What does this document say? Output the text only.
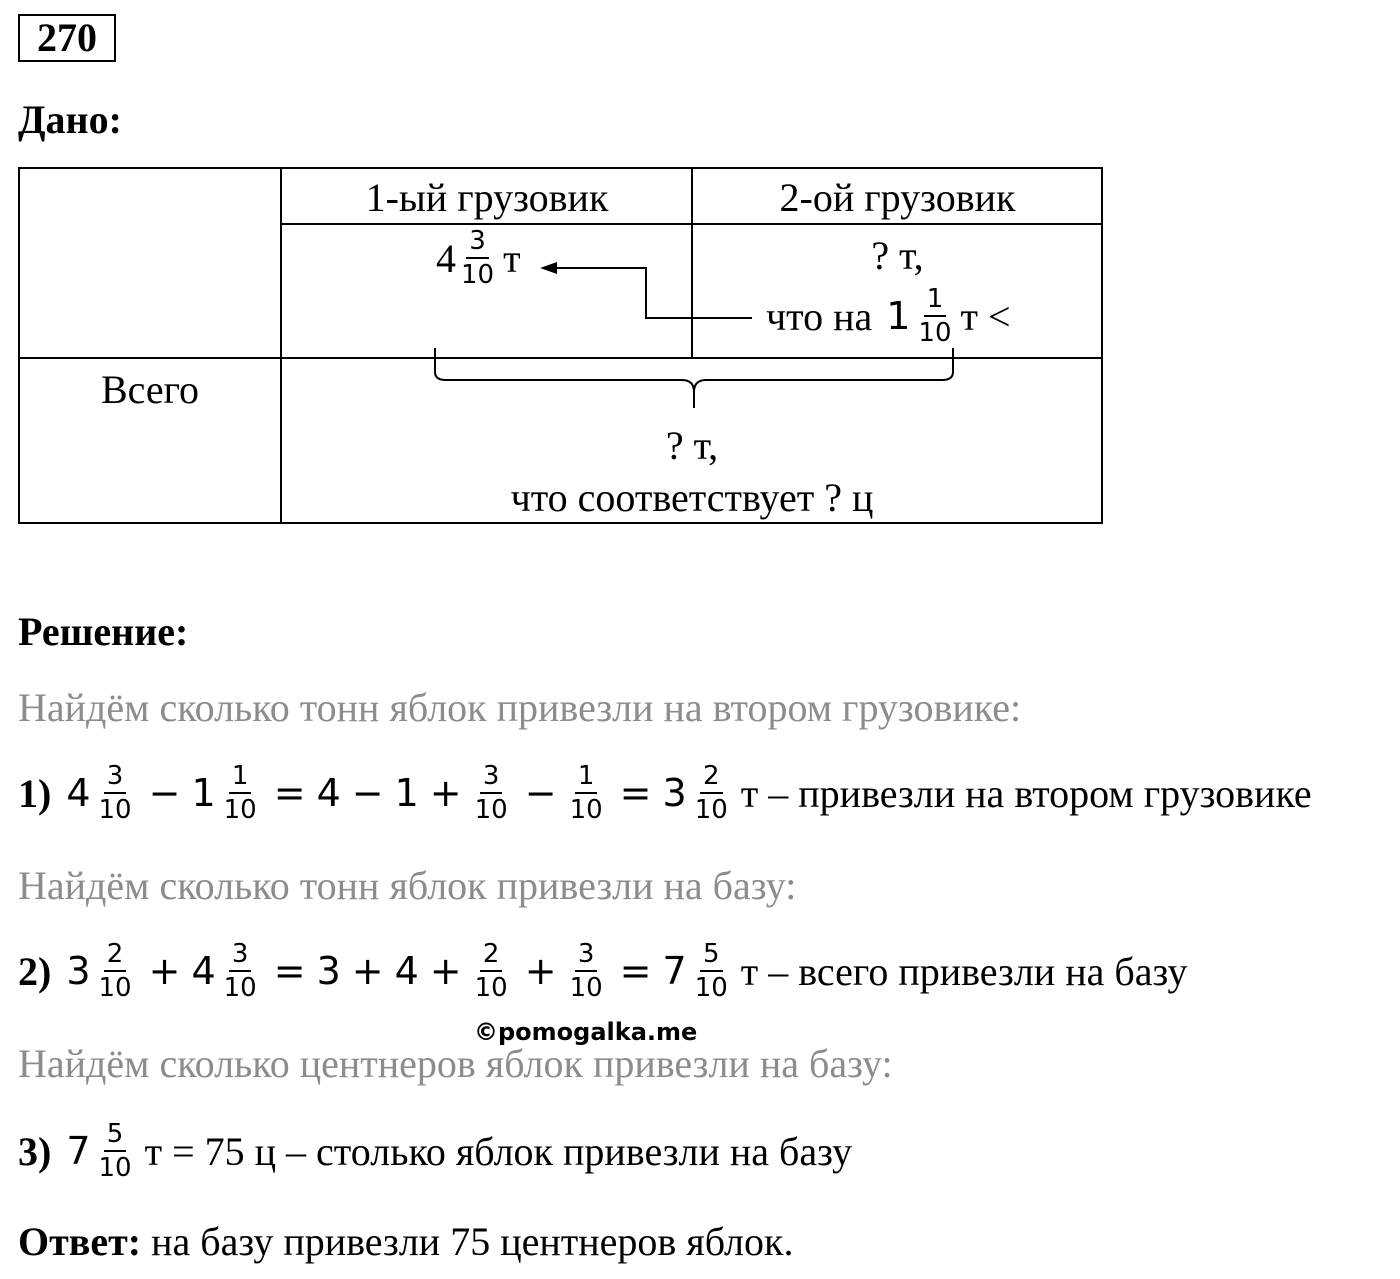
270
Дано:
1-ый грузовик	2-ой грузовик
$4 \frac{3}{10}$ т	? т,
что на $1 \frac{1}{10}$ т <
Всего
? т,
что соответствует ? ц
Решение:
Найдём сколько тонн яблок привезли на втором грузовике:
1) $4 \frac{3}{10} - 1 \frac{1}{10} = 4 - 1 + \frac{3}{10} - \frac{1}{10} = 3 \frac{2}{10}$ т – привезли на втором грузовике
Найдём сколько тонн яблок привезли на базу:
2) $3 \frac{2}{10} + 4 \frac{3}{10} = 3 + 4 + \frac{2}{10} + \frac{3}{10} = 7 \frac{5}{10}$ т – всего привезли на базу
©pomogalka.me
Найдём сколько центнеров яблок привезли на базу:
3) $7 \frac{5}{10}$ т = 75 ц – столько яблок привезли на базу
Ответ: на базу привезли 75 центнеров яблок.
